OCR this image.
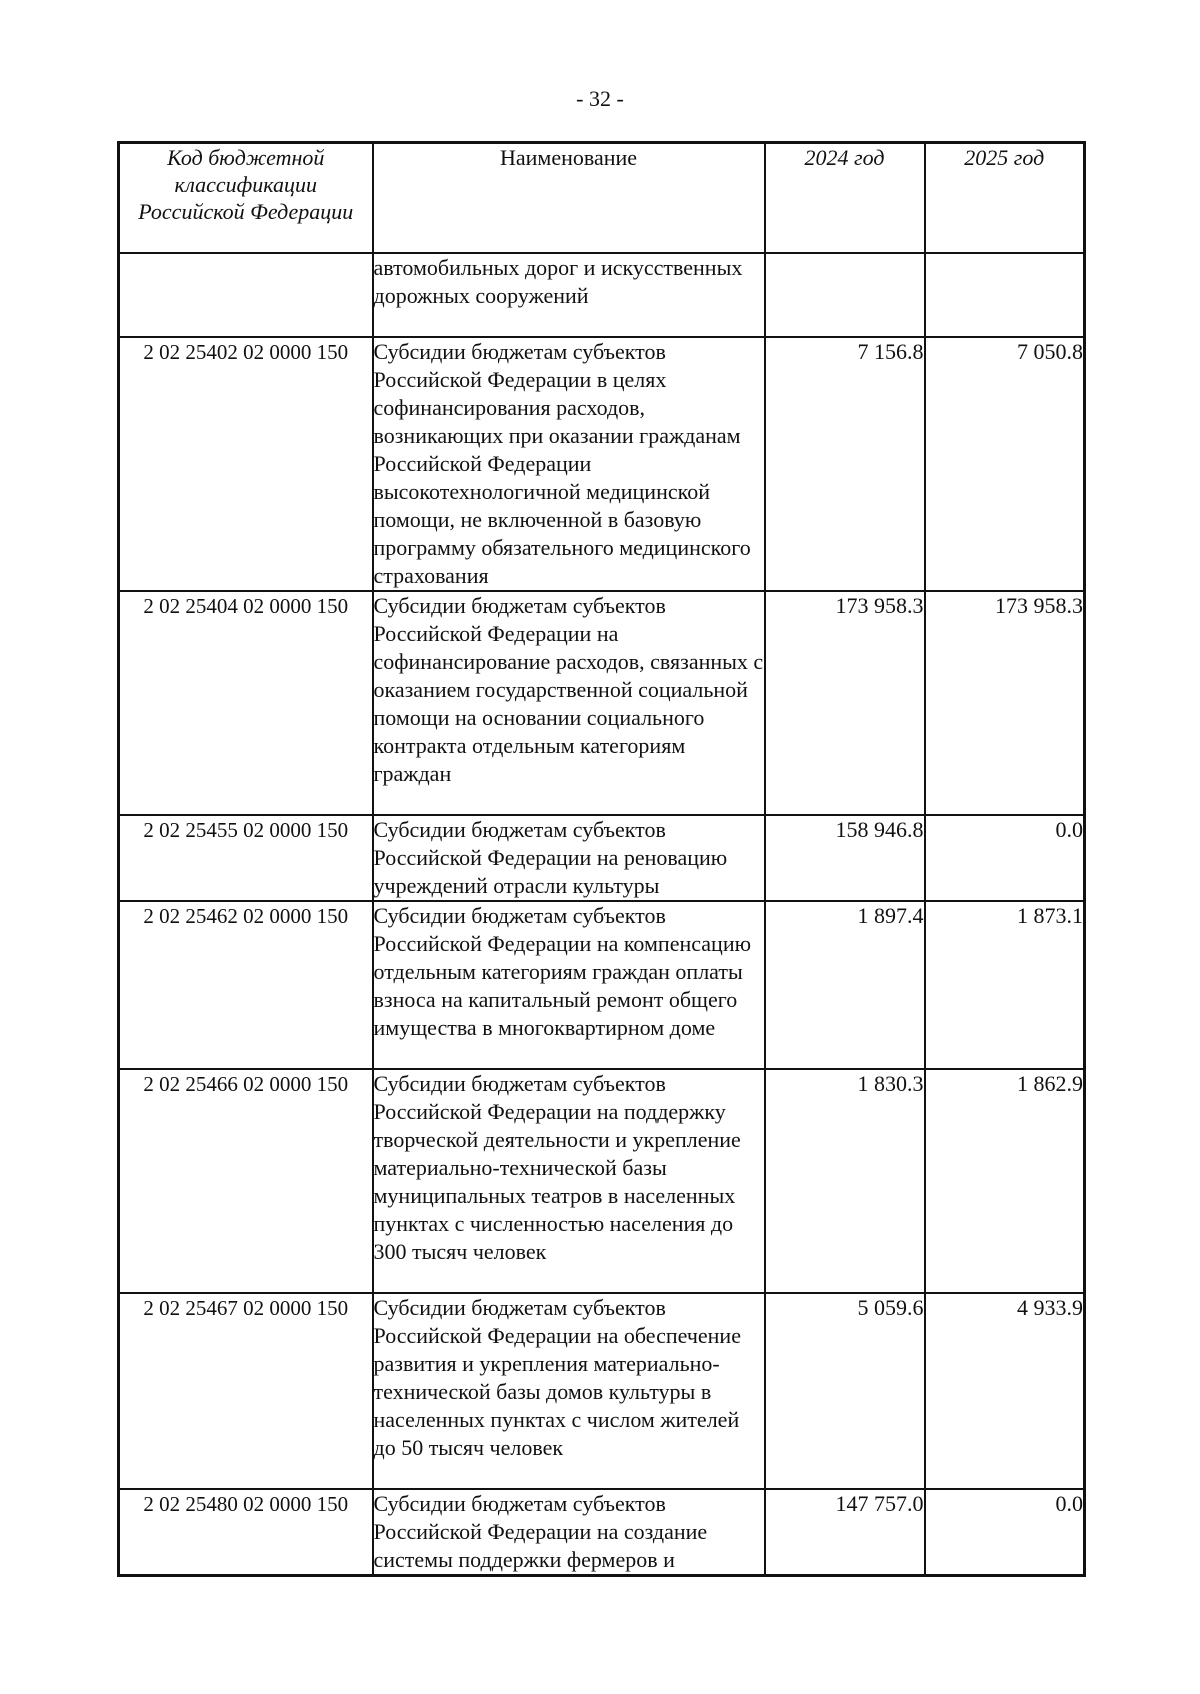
- 32 -
Код бюджетной классификации Российской Федерации	Наименование	2024 год	2025 год
	автомобильных дорог и искусственных дорожных сооружений		
2 02 25402 02 0000 150	Субсидии бюджетам субъектов Российской Федерации в целях софинансирования расходов, возникающих при оказании гражданам Российской Федерации высокотехнологичной медицинской помощи, не включенной в базовую программу обязательного медицинского страхования	7 156.8	7 050.8
2 02 25404 02 0000 150	Субсидии бюджетам субъектов Российской Федерации на софинансирование расходов, связанных с оказанием государственной социальной помощи на основании социального контракта отдельным категориям граждан	173 958.3	173 958.3
2 02 25455 02 0000 150	Субсидии бюджетам субъектов Российской Федерации на реновацию учреждений отрасли культуры	158 946.8	0.0
2 02 25462 02 0000 150	Субсидии бюджетам субъектов Российской Федерации на компенсацию отдельным категориям граждан оплаты взноса на капитальный ремонт общего имущества в многоквартирном доме	1 897.4	1 873.1
2 02 25466 02 0000 150	Субсидии бюджетам субъектов Российской Федерации на поддержку творческой деятельности и укрепление материально-технической базы муниципальных театров в населенных пунктах с численностью населения до 300 тысяч человек	1 830.3	1 862.9
2 02 25467 02 0000 150	Субсидии бюджетам субъектов Российской Федерации на обеспечение развития и укрепления материально-технической базы домов культуры в населенных пунктах с числом жителей до 50 тысяч человек	5 059.6	4 933.9
2 02 25480 02 0000 150	Субсидии бюджетам субъектов Российской Федерации на создание системы поддержки фермеров и	147 757.0	0.0
